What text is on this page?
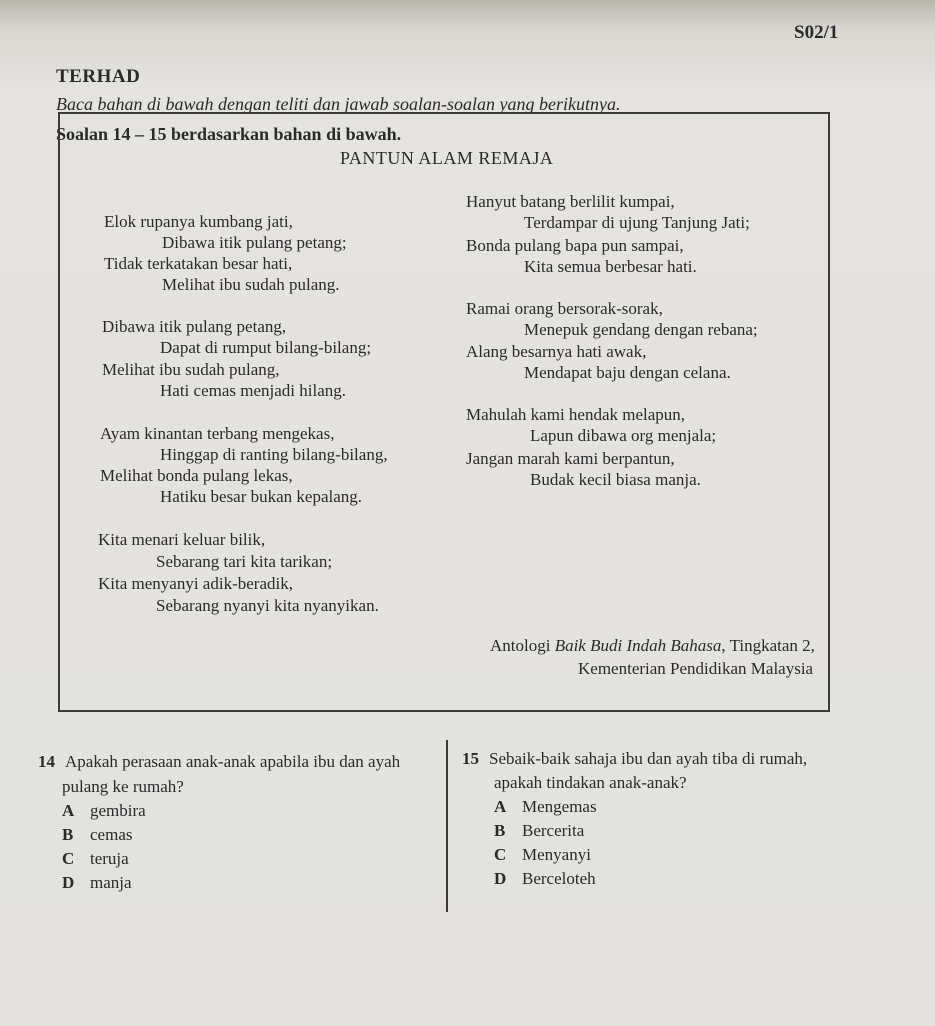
S02/1
TERHAD
Baca bahan di bawah dengan teliti dan jawab soalan-soalan yang berikutnya.
Soalan 14 – 15 berdasarkan bahan di bawah.
PANTUN ALAM REMAJA
Elok rupanya kumbang jati,
Dibawa itik pulang petang;
Tidak terkatakan besar hati,
Melihat ibu sudah pulang.
Dibawa itik pulang petang,
Dapat di rumput bilang-bilang;
Melihat ibu sudah pulang,
Hati cemas menjadi hilang.
Ayam kinantan terbang mengekas,
Hinggap di ranting bilang-bilang,
Melihat bonda pulang lekas,
Hatiku besar bukan kepalang.
Kita menari keluar bilik,
Sebarang tari kita tarikan;
Kita menyanyi adik-beradik,
Sebarang nyanyi kita nyanyikan.
Hanyut batang berlilit kumpai,
Terdampar di ujung Tanjung Jati;
Bonda pulang bapa pun sampai,
Kita semua berbesar hati.
Ramai orang bersorak-sorak,
Menepuk gendang dengan rebana;
Alang besarnya hati awak,
Mendapat baju dengan celana.
Mahulah kami hendak melapun,
Lapun dibawa org menjala;
Jangan marah kami berpantun,
Budak kecil biasa manja.
Antologi Baik Budi Indah Bahasa, Tingkatan 2,
Kementerian Pendidikan Malaysia
14 Apakah perasaan anak-anak apabila ibu dan ayah
pulang ke rumah?
A gembira
B cemas
C teruja
D manja
15 Sebaik-baik sahaja ibu dan ayah tiba di rumah,
apakah tindakan anak-anak?
A Mengemas
B Bercerita
C Menyanyi
D Berceloteh
